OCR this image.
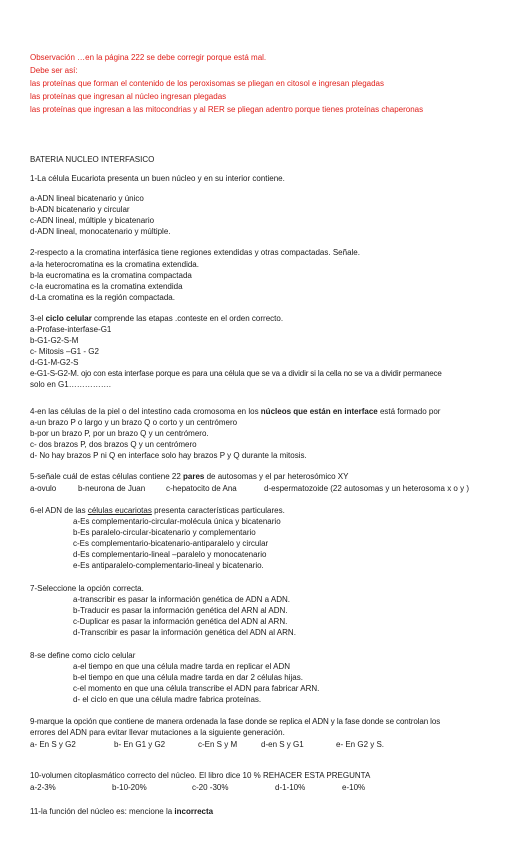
Observación …en la página 222 se debe corregir porque está mal.
Debe ser así:
las proteínas que forman el contenido de los peroxisomas se pliegan en citosol e ingresan plegadas
las proteínas que ingresan al núcleo ingresan plegadas
las proteínas que ingresan a las mitocondrias y al RER se pliegan adentro porque tienes proteínas chaperonas
BATERIA NUCLEO INTERFASICO
1-La célula Eucariota presenta un buen núcleo y en su interior contiene.
a-ADN lineal bicatenario y único
b-ADN bicatenario y circular
c-ADN lineal, múltiple y bicatenario
d-ADN lineal, monocatenario y múltiple.
2-respecto a la cromatina interfásica tiene regiones extendidas y otras compactadas. Señale.
a-la heterocromatina es la cromatina extendida.
b-la eucromatina es la cromatina compactada
c-la eucromatina es la cromatina extendida
d-La cromatina es la región compactada.
3-el ciclo celular comprende las etapas .conteste en el orden correcto.
a-Profase-interfase-G1
b-G1-G2-S-M
c- Mitosis –G1 - G2
d-G1-M-G2-S
e-G1-S-G2-M. ojo con esta interfase porque es para una célula que se va a dividir si la cella no se va a dividir permanece
solo en G1…………….
4-en las células de la piel o del intestino cada cromosoma en los núcleos que están en interface está formado por
a-un brazo P o largo y un brazo Q o corto y un centrómero
b-por un brazo P, por un brazo Q y un centrómero.
c- dos brazos P, dos brazos Q y un centrómero
d- No hay brazos P ni Q en interface solo hay brazos P y Q durante la mitosis.
5-señale cuál de estas células contiene 22 pares de autosomas y el par heterosómico XY
a-ovulo	b-neurona de Juan	c-hepatocito de Ana	d-espermatozoide (22 autosomas y un heterosoma x o y )
6-el ADN de las células eucariotas presenta características particulares.
a-Es complementario-circular-molécula única y bicatenario
b-Es paralelo-circular-bicatenario y complementario
c-Es complementario-bicatenario-antiparalelo y circular
d-Es complementario-lineal –paralelo y monocatenario
e-Es antiparalelo-complementario-lineal y bicatenario.
7-Seleccione la opción correcta.
a-transcribir es pasar la información genética de ADN a ADN.
b-Traducir es pasar la información genética del ARN al ADN.
c-Duplicar es pasar la información genética del ADN al ARN.
d-Transcribir es pasar la información genética del ADN al ARN.
8-se define como ciclo celular
a-el tiempo en que una célula madre tarda en replicar el ADN
b-el tiempo en que una célula madre tarda en dar 2 células hijas.
c-el momento en que una célula transcribe el ADN para fabricar ARN.
d- el ciclo en que una célula madre fabrica proteínas.
9-marque la opción que contiene de manera ordenada la fase donde se replica el ADN y la fase donde se controlan los
errores del ADN para evitar llevar mutaciones a la siguiente generación.
a- En S y G2	b- En G1 y G2	c-En S y M	d-en S y G1	e- En G2 y S.
10-volumen citoplasmático correcto del núcleo. El libro dice 10 % REHACER ESTA PREGUNTA
a-2-3%	b-10-20%	c-20 -30%	d-1-10%	e-10%
11-la función del núcleo es: mencione la incorrecta
